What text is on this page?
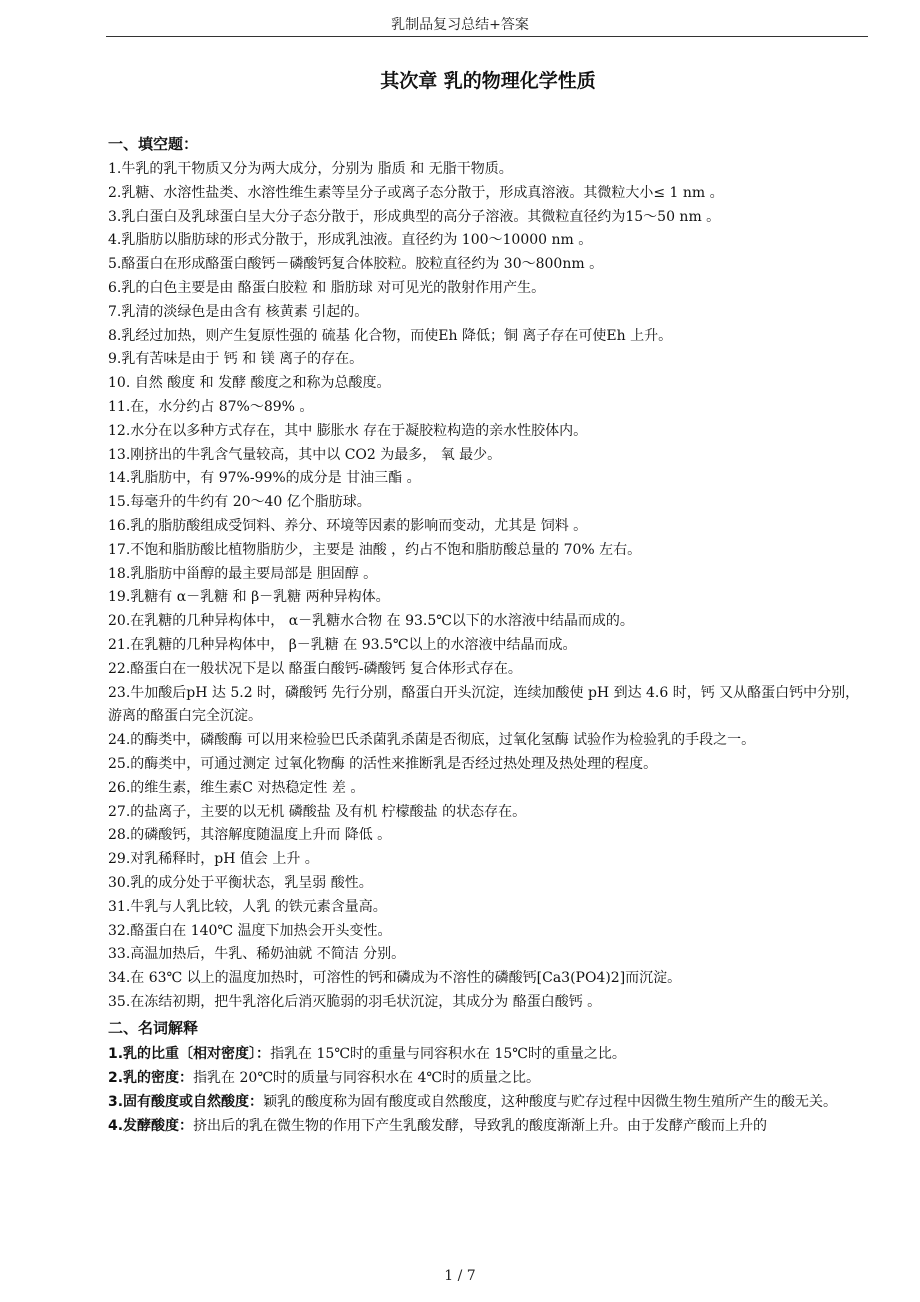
乳制品复习总结+答案
其次章 乳的物理化学性质
一、填空题：
1.牛乳的乳干物质又分为两大成分，分别为 脂质 和 无脂干物质。
2.乳糖、水溶性盐类、水溶性维生素等呈分子或离子态分散于，形成真溶液。其微粒大小≤ 1 nm 。
3.乳白蛋白及乳球蛋白呈大分子态分散于，形成典型的高分子溶液。其微粒直径约为15～50 nm 。
4.乳脂肪以脂肪球的形式分散于，形成乳浊液。直径约为 100～10000 nm 。
5.酪蛋白在形成酪蛋白酸钙－磷酸钙复合体胶粒。胶粒直径约为 30～800nm 。
6.乳的白色主要是由 酪蛋白胶粒 和 脂肪球 对可见光的散射作用产生。
7.乳清的淡绿色是由含有 核黄素 引起的。
8.乳经过加热，则产生复原性强的 硫基 化合物，而使Eh 降低；铜 离子存在可使Eh 上升。
9.乳有苦味是由于 钙 和 镁 离子的存在。
10. 自然 酸度 和 发酵 酸度之和称为总酸度。
11.在，水分约占 87%～89% 。
12.水分在以多种方式存在，其中 膨胀水 存在于凝胶粒构造的亲水性胶体内。
13.刚挤出的牛乳含气量较高，其中以 CO2 为最多， 氧 最少。
14.乳脂肪中，有 97%-99%的成分是 甘油三酯 。
15.每毫升的牛约有 20～40 亿个脂肪球。
16.乳的脂肪酸组成受饲料、养分、环境等因素的影响而变动，尤其是 饲料 。
17.不饱和脂肪酸比植物脂肪少，主要是 油酸 ，约占不饱和脂肪酸总量的 70% 左右。
18.乳脂肪中甾醇的最主要局部是 胆固醇 。
19.乳糖有 α－乳糖 和 β－乳糖 两种异构体。
20.在乳糖的几种异构体中， α－乳糖水合物 在 93.5℃以下的水溶液中结晶而成的。
21.在乳糖的几种异构体中， β－乳糖 在 93.5℃以上的水溶液中结晶而成。
22.酪蛋白在一般状况下是以 酪蛋白酸钙-磷酸钙 复合体形式存在。
23.牛加酸后pH 达 5.2 时，磷酸钙 先行分别，酪蛋白开头沉淀，连续加酸使 pH 到达 4.6 时，钙 又从酪蛋白钙中分别，游离的酪蛋白完全沉淀。
24.的酶类中，磷酸酶 可以用来检验巴氏杀菌乳杀菌是否彻底，过氧化氢酶 试验作为检验乳的手段之一。
25.的酶类中，可通过测定 过氧化物酶 的活性来推断乳是否经过热处理及热处理的程度。
26.的维生素，维生素C 对热稳定性 差 。
27.的盐离子，主要的以无机 磷酸盐 及有机 柠檬酸盐 的状态存在。
28.的磷酸钙，其溶解度随温度上升而 降低 。
29.对乳稀释时，pH 值会 上升 。
30.乳的成分处于平衡状态，乳呈弱 酸性。
31.牛乳与人乳比较，人乳 的铁元素含量高。
32.酪蛋白在 140℃ 温度下加热会开头变性。
33.高温加热后，牛乳、稀奶油就 不简洁 分别。
34.在 63℃ 以上的温度加热时，可溶性的钙和磷成为不溶性的磷酸钙[Ca3(PO4)2]而沉淀。
35.在冻结初期，把牛乳溶化后消灭脆弱的羽毛状沉淀，其成分为 酪蛋白酸钙 。
二、名词解释
1.乳的比重〔相对密度〕：指乳在 15℃时的重量与同容积水在 15℃时的重量之比。
2.乳的密度：指乳在 20℃时的质量与同容积水在 4℃时的质量之比。
3.固有酸度或自然酸度：颖乳的酸度称为固有酸度或自然酸度，这种酸度与贮存过程中因微生物生殖所产生的酸无关。
4.发酵酸度：挤出后的乳在微生物的作用下产生乳酸发酵，导致乳的酸度渐渐上升。由于发酵产酸而上升的
1 / 7
